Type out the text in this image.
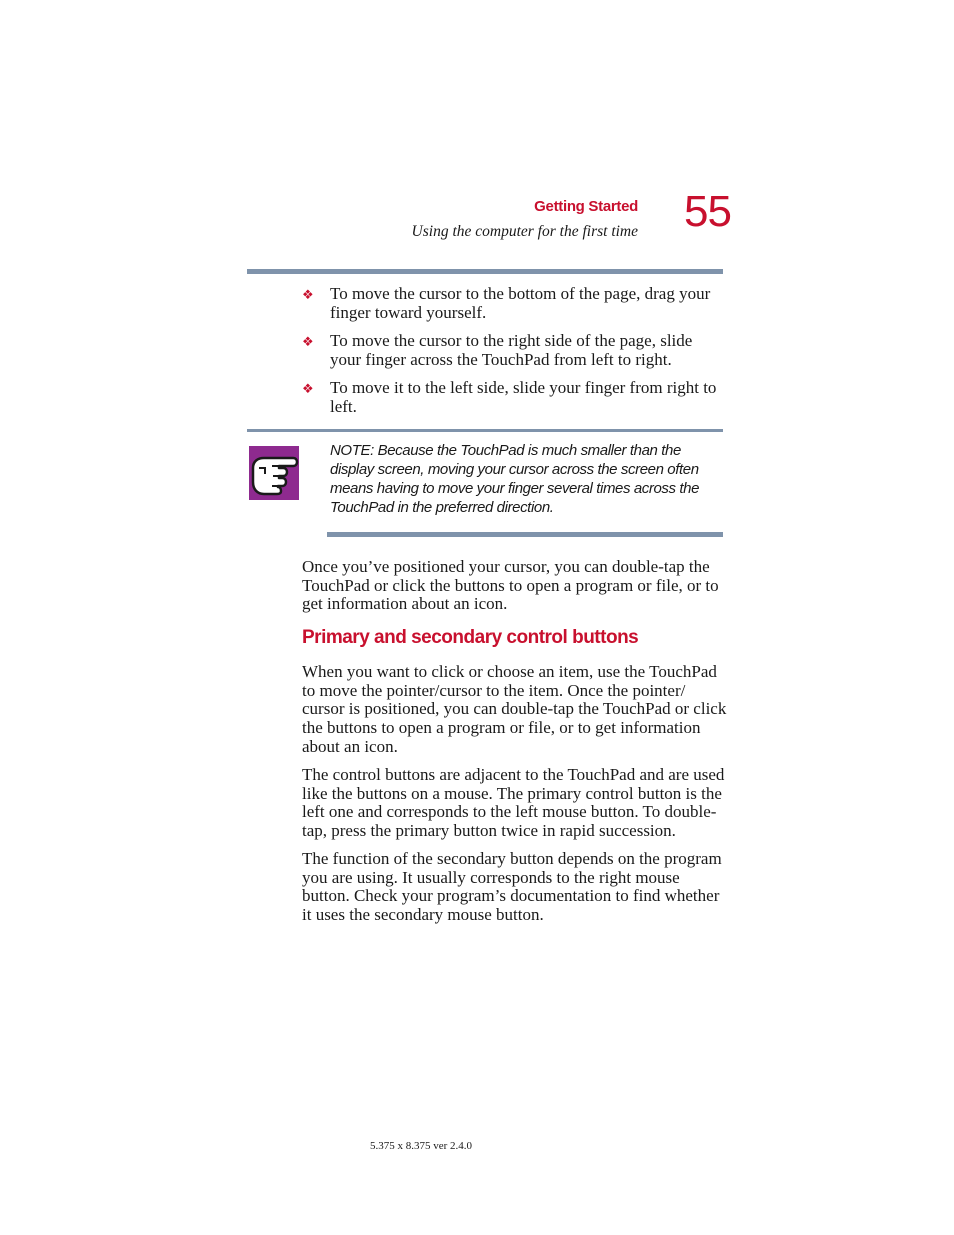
Getting Started
Using the computer for the first time 55
❖ To move the cursor to the bottom of the page, drag your finger toward yourself.
❖ To move the cursor to the right side of the page, slide your finger across the TouchPad from left to right.
❖ To move it to the left side, slide your finger from right to left.
NOTE: Because the TouchPad is much smaller than the display screen, moving your cursor across the screen often means having to move your finger several times across the TouchPad in the preferred direction.
Once you’ve positioned your cursor, you can double-tap the TouchPad or click the buttons to open a program or file, or to get information about an icon.
Primary and secondary control buttons
When you want to click or choose an item, use the TouchPad to move the pointer/cursor to the item. Once the pointer/ cursor is positioned, you can double-tap the TouchPad or click the buttons to open a program or file, or to get information about an icon.
The control buttons are adjacent to the TouchPad and are used like the buttons on a mouse. The primary control button is the left one and corresponds to the left mouse button. To double-tap, press the primary button twice in rapid succession.
The function of the secondary button depends on the program you are using. It usually corresponds to the right mouse button. Check your program’s documentation to find whether it uses the secondary mouse button.
5.375 x 8.375 ver 2.4.0
